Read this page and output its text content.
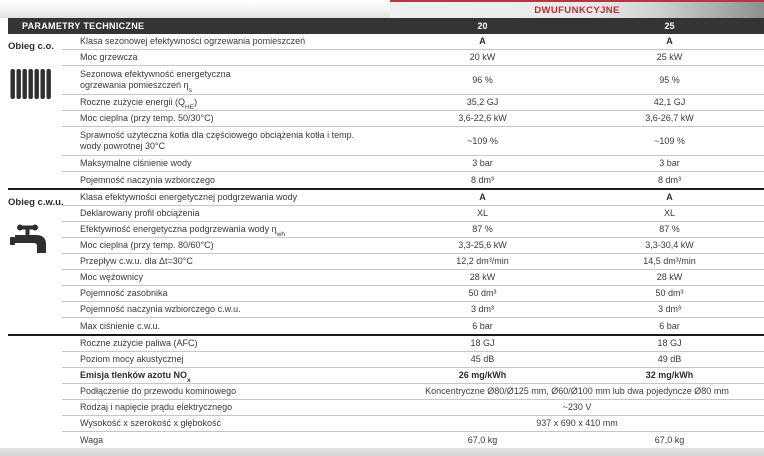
DWUFUNKCYJNE
PARAMETRY TECHNICZNE	20	25
Obieg c.o.	Klasa sezonowej efektywności ogrzewania pomieszczeń	A	A
Moc grzewcza	20 kW	25 kW
Sezonowa efektywność energetyczna
ogrzewania pomieszczeń $\eta_s$
96 %	95 %
Roczne zużycie energii $(Q_{HE})$	35,2 GJ	42,1 GJ
Moc cieplna (przy temp. 50/30°C)	3,6-22,6 kW	3,6-26,7 kW
Sprawność użyteczna kotła dla częściowego obciążenia kotła i temp.
wody powrotnej 30°C
~109 %	~109 %
Maksymalne ciśnienie wody	3 bar	3 bar
Pojemność naczynia wzbiorczego	8 dm³	8 dm³
Obieg c.w.u. Klasa efektywności energetycznej podgrzewania wody	A	A
Deklarowany profil obciążenia	XL	XL
Efektywność energetyczna podgrzewania wody $\eta_{wh}$
87 %	87 %
Moc cieplna (przy temp. 80/60°C)	3,3-25,6 kW	3,3-30,4 kW
Przepływ c.w.u. dla Δt=30°C	12,2 dm³/min	14,5 dm³/min
Moc wężownicy	28 kW	28 kW
Pojemność zasobnika	50 dm³	50 dm³
Pojemność naczynia wzbiorczego c.w.u.	3 dm³	3 dm³
Max ciśnienie c.w.u.	6 bar	6 bar
Roczne zużycie paliwa (AFC)	18 GJ	18 GJ
Poziom mocy akustycznej	45 dB	49 dB
Emisja tlenków azotu $NO_x$
26 mg/kWh	32 mg/kWh
Podłączenie do przewodu kominowego	Koncentryczne Ø80/Ø125 mm, Ø60/Ø100 mm lub dwa pojedyncze Ø80 mm
Rodzaj i napięcie prądu elektrycznego	~230 V
Wysokość x szerokość x głębokość	937 x 690 x 410 mm
Waga	67,0 kg	67,0 kg
